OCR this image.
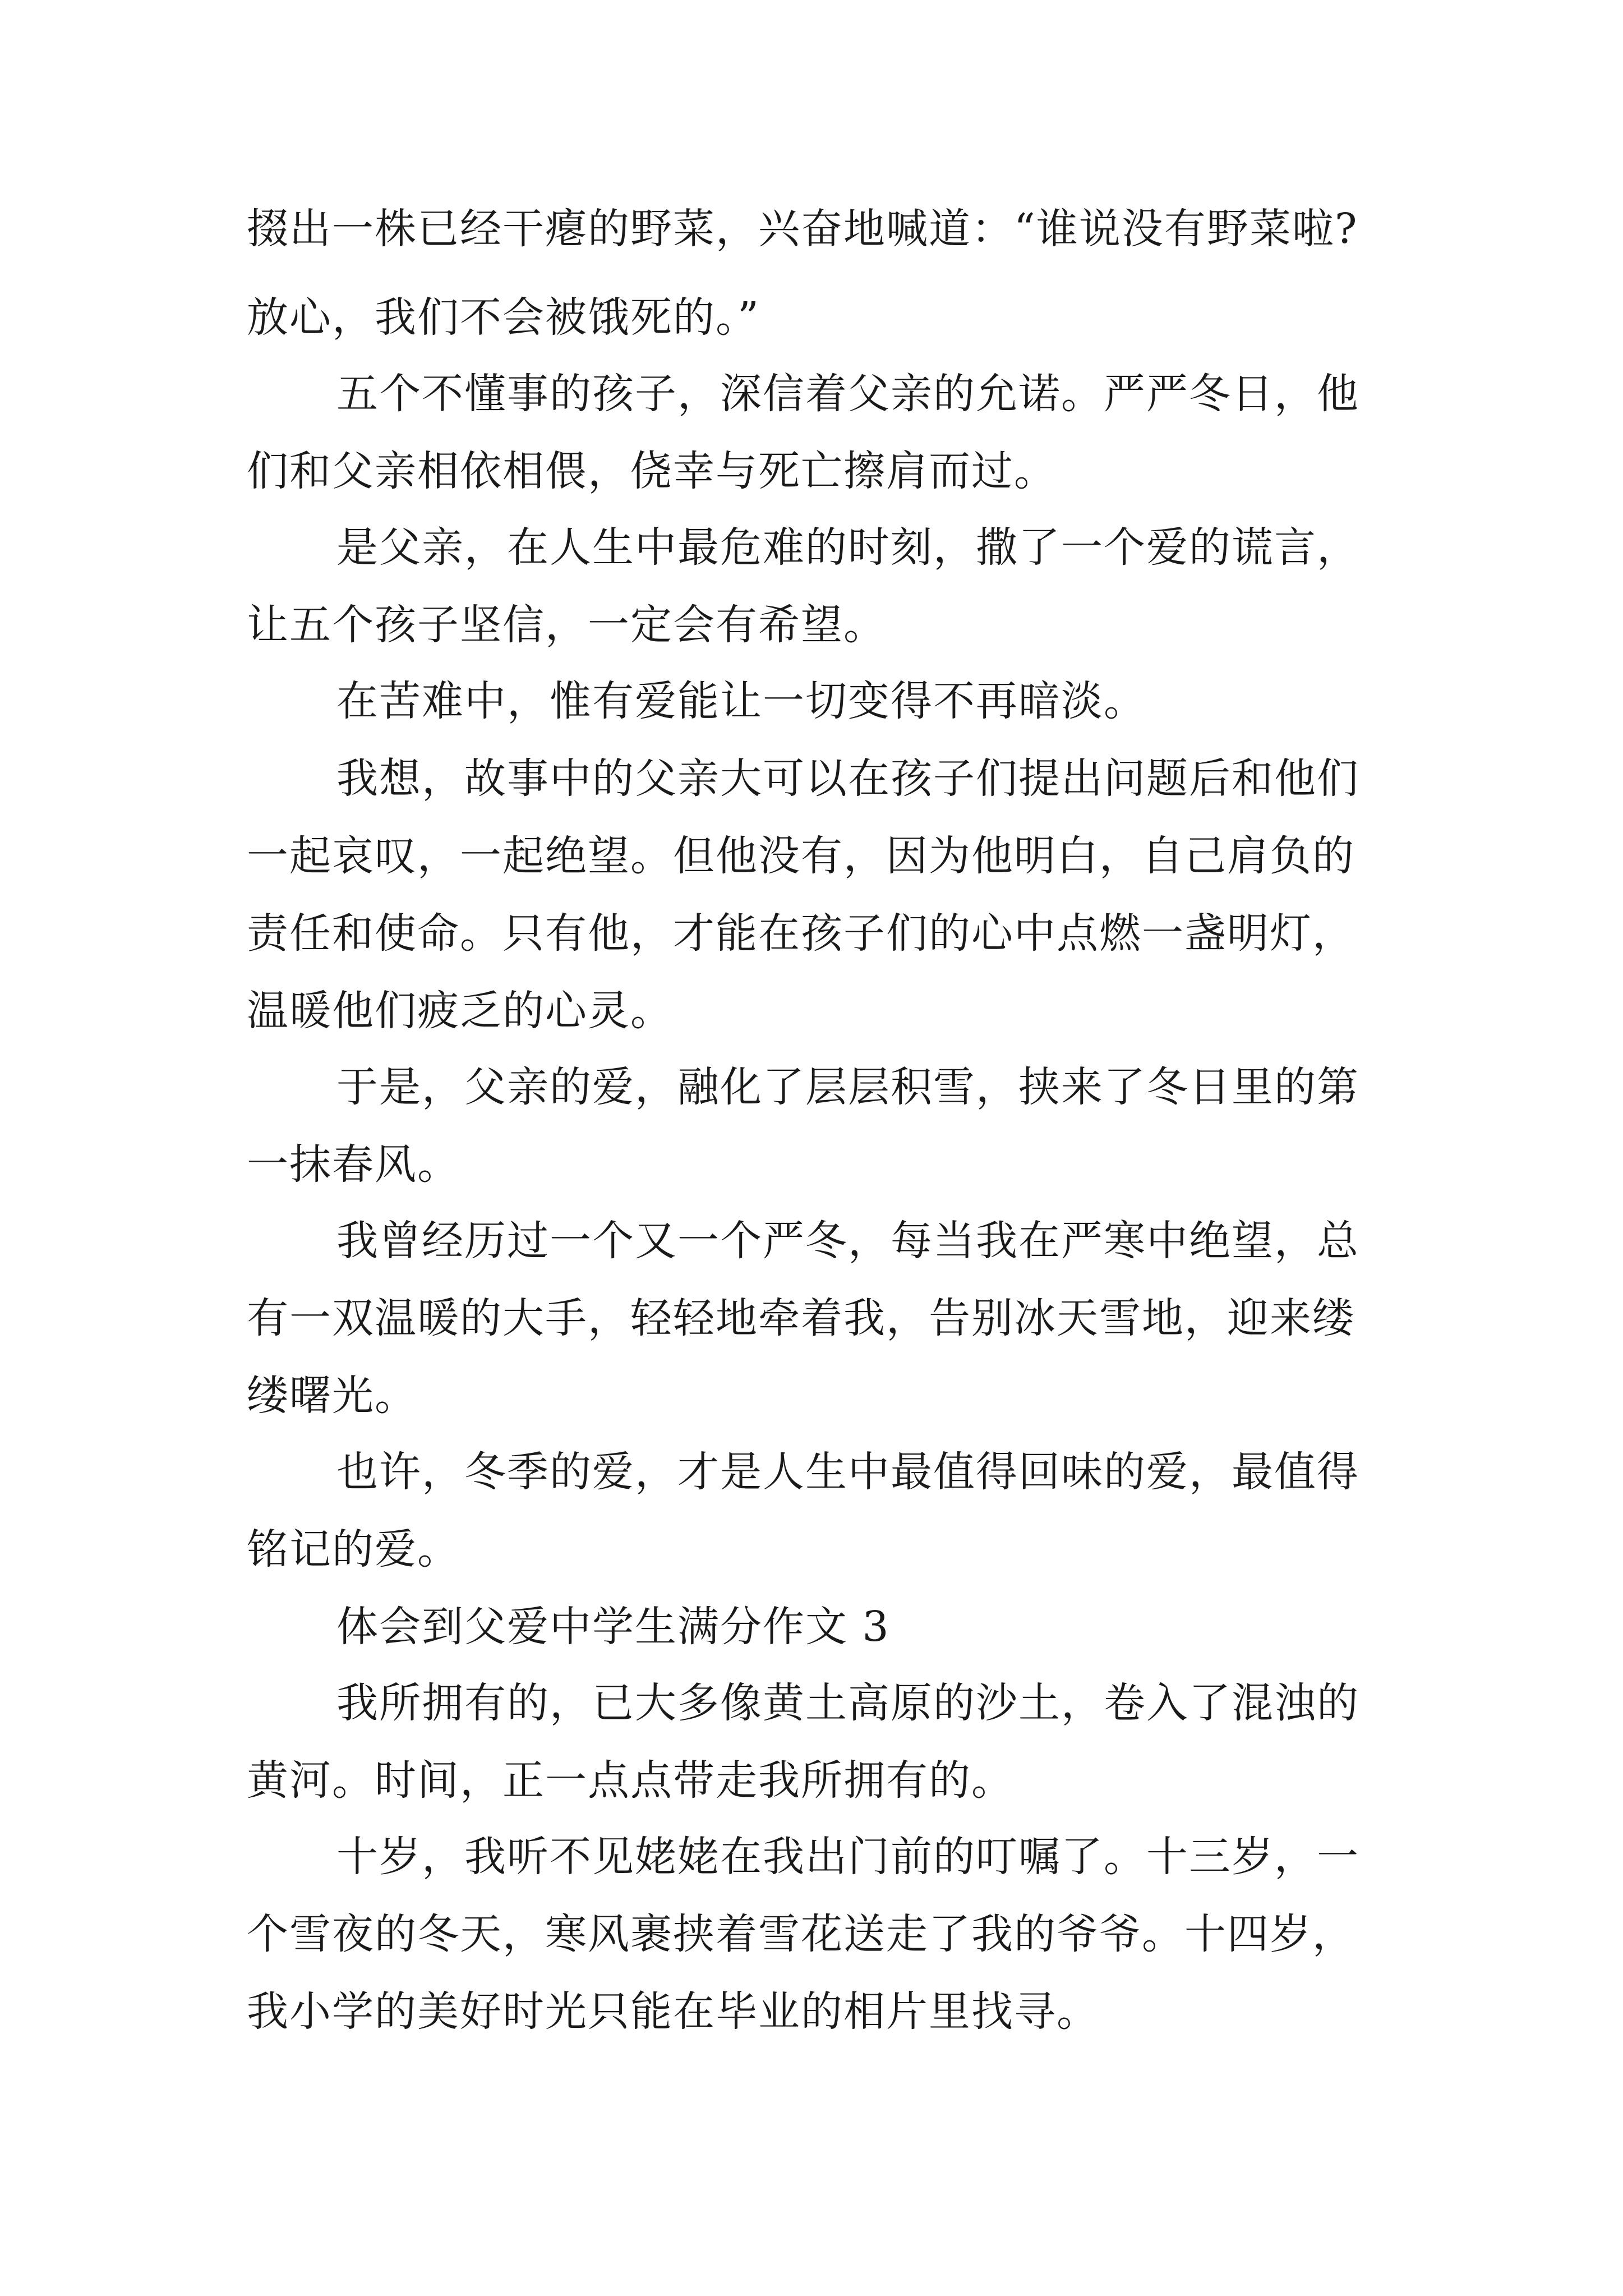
掇出一株已经干瘪的野菜，兴奋地喊道：“谁说没有野菜啦?
放心，我们不会被饿死的。”
五个不懂事的孩子，深信着父亲的允诺。严严冬日，他
们和父亲相依相偎，侥幸与死亡擦肩而过。
是父亲，在人生中最危难的时刻，撒了一个爱的谎言，
让五个孩子坚信，一定会有希望。
在苦难中，惟有爱能让一切变得不再暗淡。
我想，故事中的父亲大可以在孩子们提出问题后和他们
一起哀叹，一起绝望。但他没有，因为他明白，自己肩负的
责任和使命。只有他，才能在孩子们的心中点燃一盏明灯，
温暖他们疲乏的心灵。
于是，父亲的爱，融化了层层积雪，挟来了冬日里的第
一抹春风。
我曾经历过一个又一个严冬，每当我在严寒中绝望，总
有一双温暖的大手，轻轻地牵着我，告别冰天雪地，迎来缕
缕曙光。
也许，冬季的爱，才是人生中最值得回味的爱，最值得
铭记的爱。
体会到父爱中学生满分作文 3
我所拥有的，已大多像黄土高原的沙土，卷入了混浊的
黄河。时间，正一点点带走我所拥有的。
十岁，我听不见姥姥在我出门前的叮嘱了。十三岁，一
个雪夜的冬天，寒风裹挟着雪花送走了我的爷爷。十四岁，
我小学的美好时光只能在毕业的相片里找寻。
